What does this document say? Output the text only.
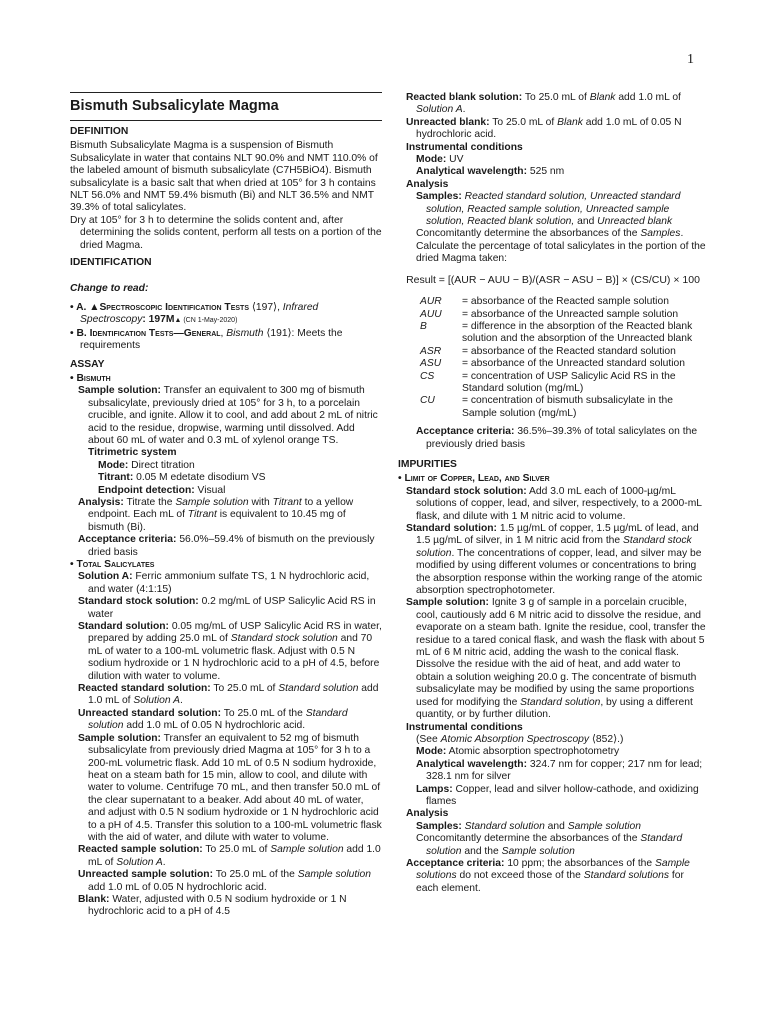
1
Bismuth Subsalicylate Magma
DEFINITION

Bismuth Subsalicylate Magma is a suspension of Bismuth Subsalicylate in water that contains NLT 90.0% and NMT 110.0% of the labeled amount of bismuth subsalicylate (C7H5BiO4). Bismuth subsalicylate is a basic salt that when dried at 105° for 3 h contains NLT 56.0% and NMT 59.4% bismuth (Bi) and NLT 36.5% and NMT 39.3% of total salicylates.

Dry at 105° for 3 h to determine the solids content and, after determining the solids content, perform all tests on a portion of the dried Magma.

IDENTIFICATION
Change to read:

• A. ▲Spectroscopic Identification Tests ⟨197⟩, Infrared Spectroscopy: 197M▲ (CN 1-May-2020)

• B. Identification Tests—General, Bismuth ⟨191⟩: Meets the requirements

ASSAY
• Bismuth

Sample solution: Transfer an equivalent to 300 mg of bismuth subsalicylate, previously dried at 105° for 3 h, to a porcelain crucible, and ignite. Allow it to cool, and add about 2 mL of nitric acid to the residue, dropwise, warming until dissolved. Add about 60 mL of water and 0.3 mL of xylenol orange TS.

Titrimetric system

Mode: Direct titration

Titrant: 0.05 M edetate disodium VS

Endpoint detection: Visual

Analysis: Titrate the Sample solution with Titrant to a yellow endpoint. Each mL of Titrant is equivalent to 10.45 mg of bismuth (Bi).

Acceptance criteria: 56.0%–59.4% of bismuth on the previously dried basis

• Total Salicylates

Solution A: Ferric ammonium sulfate TS, 1 N hydrochloric acid, and water (4:1:15)

Standard stock solution: 0.2 mg/mL of USP Salicylic Acid RS in water

Standard solution: 0.05 mg/mL of USP Salicylic Acid RS in water, prepared by adding 25.0 mL of Standard stock solution and 70 mL of water to a 100-mL volumetric flask. Adjust with 0.5 N sodium hydroxide or 1 N hydrochloric acid to a pH of 4.5, before dilution with water to volume.

Reacted standard solution: To 25.0 mL of Standard solution add 1.0 mL of Solution A.

Unreacted standard solution: To 25.0 mL of the Standard solution add 1.0 mL of 0.05 N hydrochloric acid.

Sample solution: Transfer an equivalent to 52 mg of bismuth subsalicylate from previously dried Magma at 105° for 3 h to a 200-mL volumetric flask. Add 10 mL of 0.5 N sodium hydroxide, heat on a steam bath for 15 min, allow to cool, and dilute with water to volume. Centrifuge 70 mL, and then transfer 50.0 mL of the clear supernatant to a beaker. Add about 40 mL of water, and adjust with 0.5 N sodium hydroxide or 1 N hydrochloric acid to a pH of 4.5. Transfer this solution to a 100-mL volumetric flask with the aid of water, and dilute with water to volume.

Reacted sample solution: To 25.0 mL of Sample solution add 1.0 mL of Solution A.

Unreacted sample solution: To 25.0 mL of the Sample solution add 1.0 mL of 0.05 N hydrochloric acid.

Blank: Water, adjusted with 0.5 N sodium hydroxide or 1 N hydrochloric acid to a pH of 4.5

Reacted blank solution: To 25.0 mL of Blank add 1.0 mL of Solution A.

Unreacted blank: To 25.0 mL of Blank add 1.0 mL of 0.05 N hydrochloric acid.

Instrumental conditions

Mode: UV

Analytical wavelength: 525 nm

Analysis

Samples: Reacted standard solution, Unreacted standard solution, Reacted sample solution, Unreacted sample solution, Reacted blank solution, and Unreacted blank

Concomitantly determine the absorbances of the Samples. Calculate the percentage of total salicylates in the portion of the dried Magma taken:

Result = [(AUR − AUU − B)/(ASR − ASU − B)] × (CS/CU) × 100
AUR	= absorbance of the Reacted sample solution
AUU	= absorbance of the Unreacted sample solution
B	= difference in the absorption of the Reacted blank solution and the absorption of the Unreacted blank
ASR	= absorbance of the Reacted standard solution
ASU	= absorbance of the Unreacted standard solution
CS	= concentration of USP Salicylic Acid RS in the Standard solution (mg/mL)
CU	= concentration of bismuth subsalicylate in the Sample solution (mg/mL)

Acceptance criteria: 36.5%–39.3% of total salicylates on the previously dried basis

IMPURITIES
• Limit of Copper, Lead, and Silver

Standard stock solution: Add 3.0 mL each of 1000-µg/mL solutions of copper, lead, and silver, respectively, to a 2000-mL flask, and dilute with 1 M nitric acid to volume.

Standard solution: 1.5 µg/mL of copper, 1.5 µg/mL of lead, and 1.5 µg/mL of silver, in 1 M nitric acid from the Standard stock solution. The concentrations of copper, lead, and silver may be modified by using different volumes or concentrations to bring the absorption response within the working range of the atomic absorption spectrophotometer.

Sample solution: Ignite 3 g of sample in a porcelain crucible, cool, cautiously add 6 M nitric acid to dissolve the residue, and evaporate on a steam bath. Ignite the residue, cool, transfer the residue to a tared conical flask, and wash the flask with about 5 mL of 6 M nitric acid, adding the wash to the conical flask. Dissolve the residue with the aid of heat, and add water to obtain a solution weighing 20.0 g. The concentrate of bismuth subsalicylate may be modified by using the same proportions used for modifying the Standard solution, by using a different quantity, or by further dilution.

Instrumental conditions

(See Atomic Absorption Spectroscopy ⟨852⟩.)

Mode: Atomic absorption spectrophotometry

Analytical wavelength: 324.7 nm for copper; 217 nm for lead; 328.1 nm for silver

Lamps: Copper, lead and silver hollow-cathode, and oxidizing flames

Analysis

Samples: Standard solution and Sample solution

Concomitantly determine the absorbances of the Standard solution and the Sample solution

Acceptance criteria: 10 ppm; the absorbances of the Sample solutions do not exceed those of the Standard solutions for each element.
